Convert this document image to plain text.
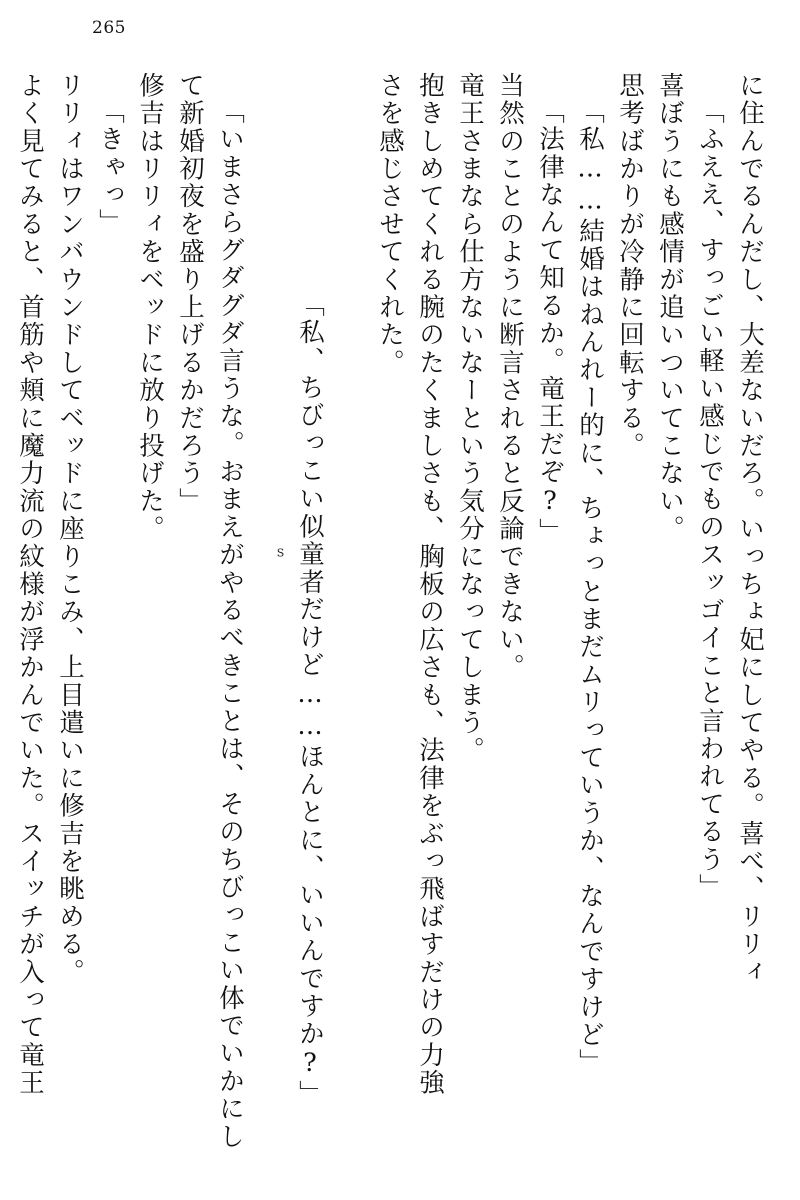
265
に住んでるんだし、大差ないだろ。いっちょ妃にしてやる。喜べ、リリィ
「ふええ、すっごい軽い感じでものスッゴイこと言われてるう」
喜ぼうにも感情が追いついてこない。
思考ばかりが冷静に回転する。
「私……結婚はねんれー的に、ちょっとまだムリっていうか、なんですけど」
「法律なんて知るか。竜王だぞ?」
当然のことのように断言されると反論できない。
竜王さまなら仕方ないなーという気分になってしまう。
抱きしめてくれる腕のたくましさも、胸板の広さも、法律をぶっ飛ばすだけの力強
さを感じさせてくれた。

「私、ちびっこい似童者
S
だけど……ほんとに、いいんですか?」

「いまさらグダグダ言うな。おまえがやるべきことは、そのちびっこい体でいかにし
て新婚初夜を盛り上げるかだろう」
修吉はリリィをベッドに放り投げた。
「きゃっ」
リリィはワンバウンドしてベッドに座りこみ、上目遣いに修吉を眺める。
よく見てみると、首筋や頬に魔力流の紋様が浮かんでいた。スイッチが入って竜王
